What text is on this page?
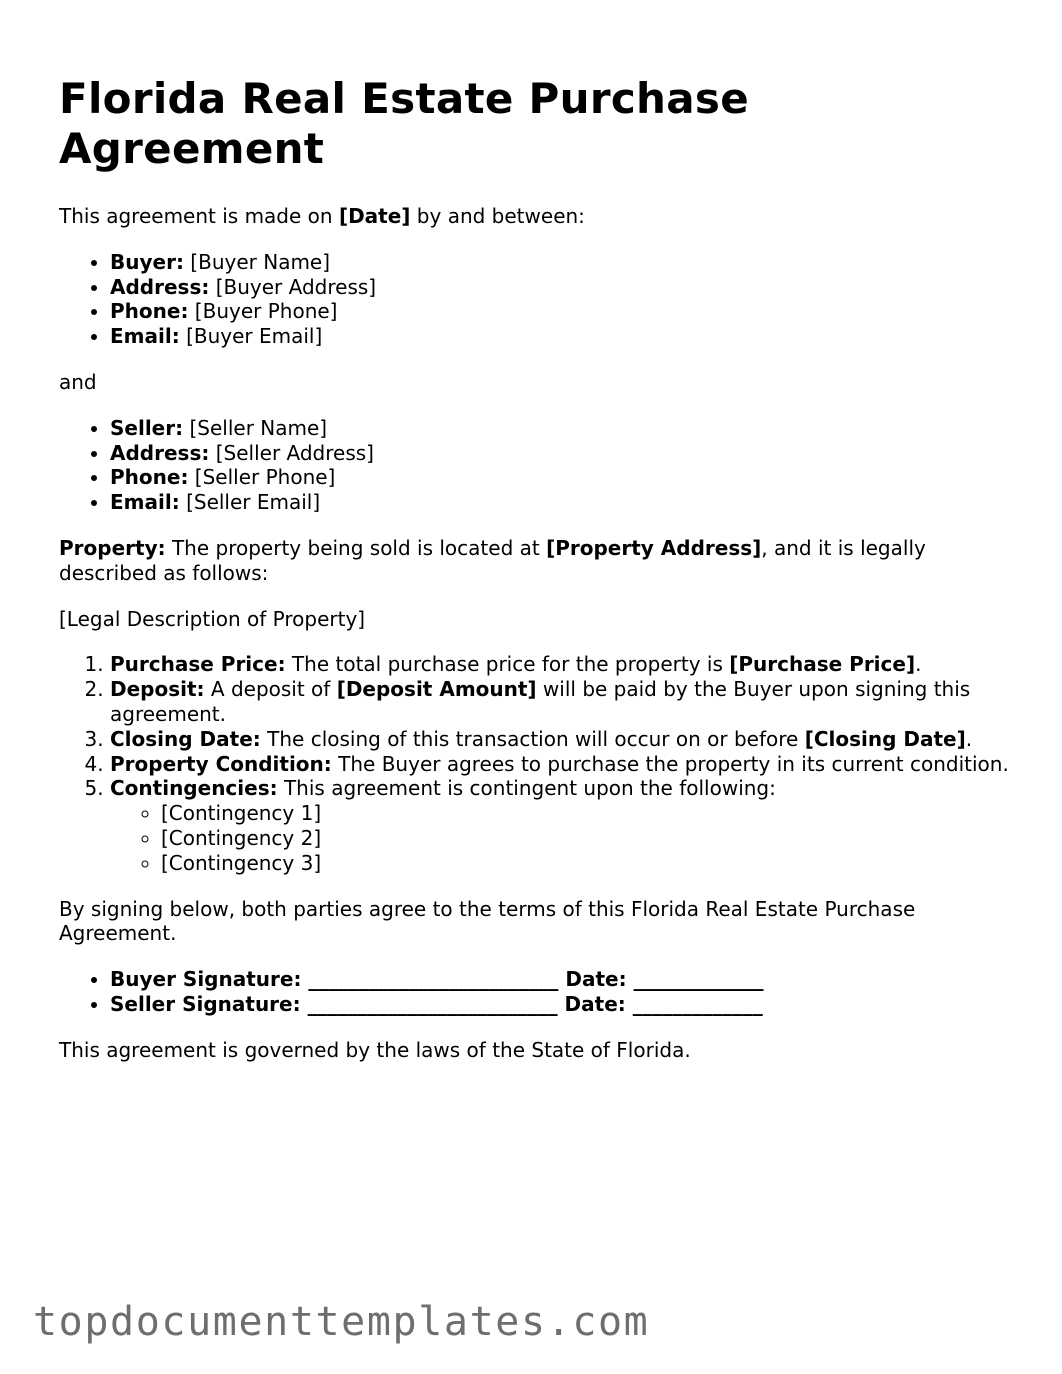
Florida Real Estate Purchase Agreement

This agreement is made on [Date] by and between:

• Buyer: [Buyer Name]
• Address: [Buyer Address]
• Phone: [Buyer Phone]
• Email: [Buyer Email]

and

• Seller: [Seller Name]
• Address: [Seller Address]
• Phone: [Seller Phone]
• Email: [Seller Email]

Property: The property being sold is located at [Property Address], and it is legally described as follows:

[Legal Description of Property]

1. Purchase Price: The total purchase price for the property is [Purchase Price].
2. Deposit: A deposit of [Deposit Amount] will be paid by the Buyer upon signing this agreement.
3. Closing Date: The closing of this transaction will occur on or before [Closing Date].
4. Property Condition: The Buyer agrees to purchase the property in its current condition.
5. Contingencies: This agreement is contingent upon the following:
◦ [Contingency 1]
◦ [Contingency 2]
◦ [Contingency 3]

By signing below, both parties agree to the terms of this Florida Real Estate Purchase Agreement.

• Buyer Signature: _________________________ Date: _____________
• Seller Signature: _________________________ Date: _____________

This agreement is governed by the laws of the State of Florida.

topdocumenttemplates.com
